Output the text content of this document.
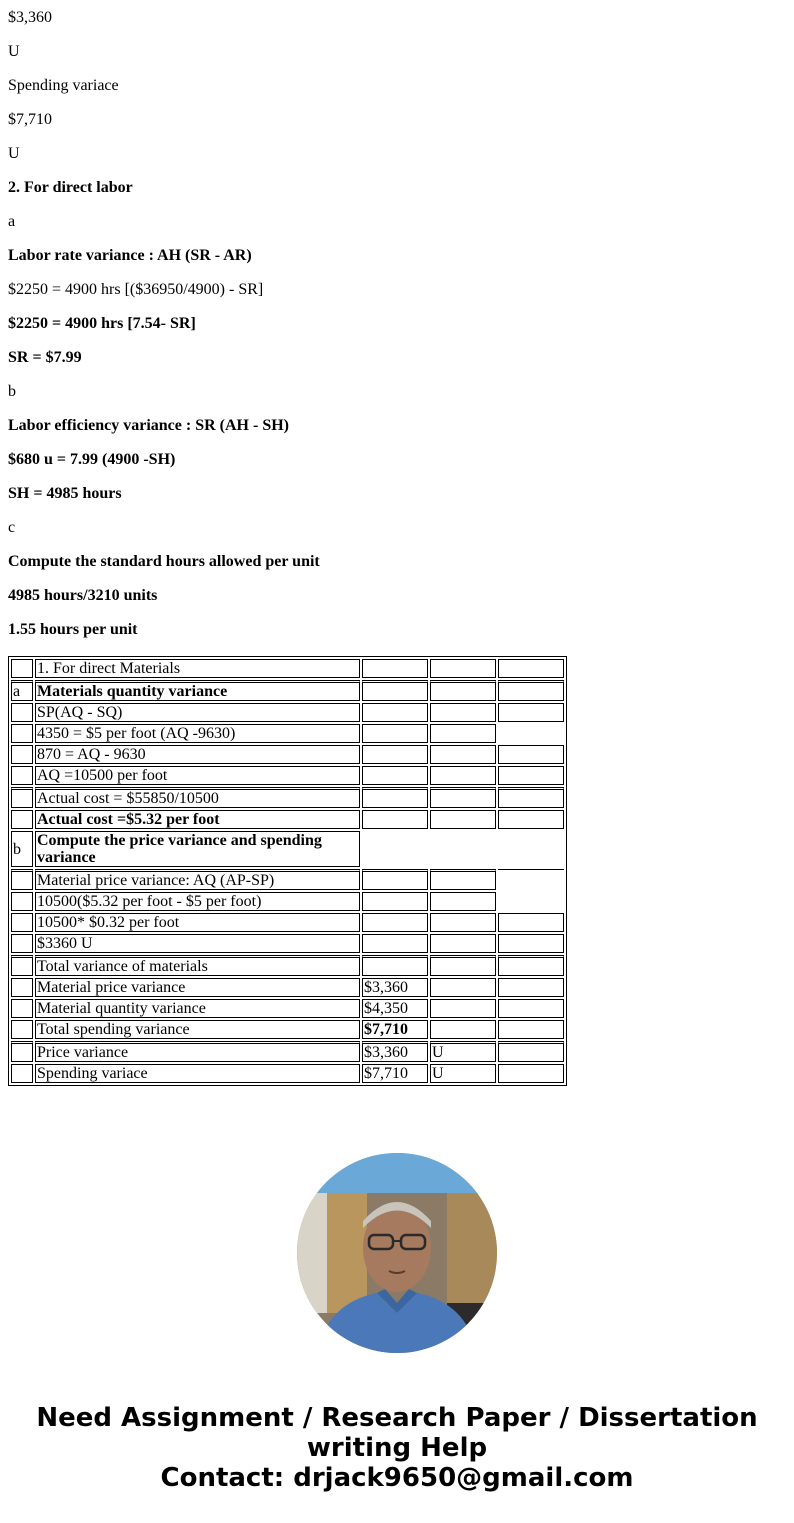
$3,360
U
Spending variace
$7,710
U
2. For direct labor
a
Labor rate variance : AH (SR - AR)
$2250 = 4900 hrs [($36950/4900) - SR]
$2250 = 4900 hrs [7.54- SR]
SR = $7.99
b
Labor efficiency variance : SR (AH - SH)
$680 u = 7.99 (4900 -SH)
SH = 4985 hours
c
Compute the standard hours allowed per unit
4985 hours/3210 units
1.55 hours per unit
	1. For direct Materials			
a	Materials quantity variance			
	SP(AQ - SQ)			
	4350 = $5 per foot (AQ -9630)			
	870 = AQ - 9630			
	AQ =10500 per foot			
	Actual cost = $55850/10500			
	Actual cost =$5.32 per foot			
b	Compute the price variance and spending variance			
	Material price variance: AQ (AP-SP)			
	10500($5.32 per foot - $5 per foot)			
	10500* $0.32 per foot			
	$3360 U			
	Total variance of materials			
	Material price variance	$3,360		
	Material quantity variance	$4,350		
	Total spending variance	$7,710		
	Price variance	$3,360	U	
	Spending variace	$7,710	U	
Need Assignment / Research Paper / Dissertation
writing Help
Contact: drjack9650@gmail.com
